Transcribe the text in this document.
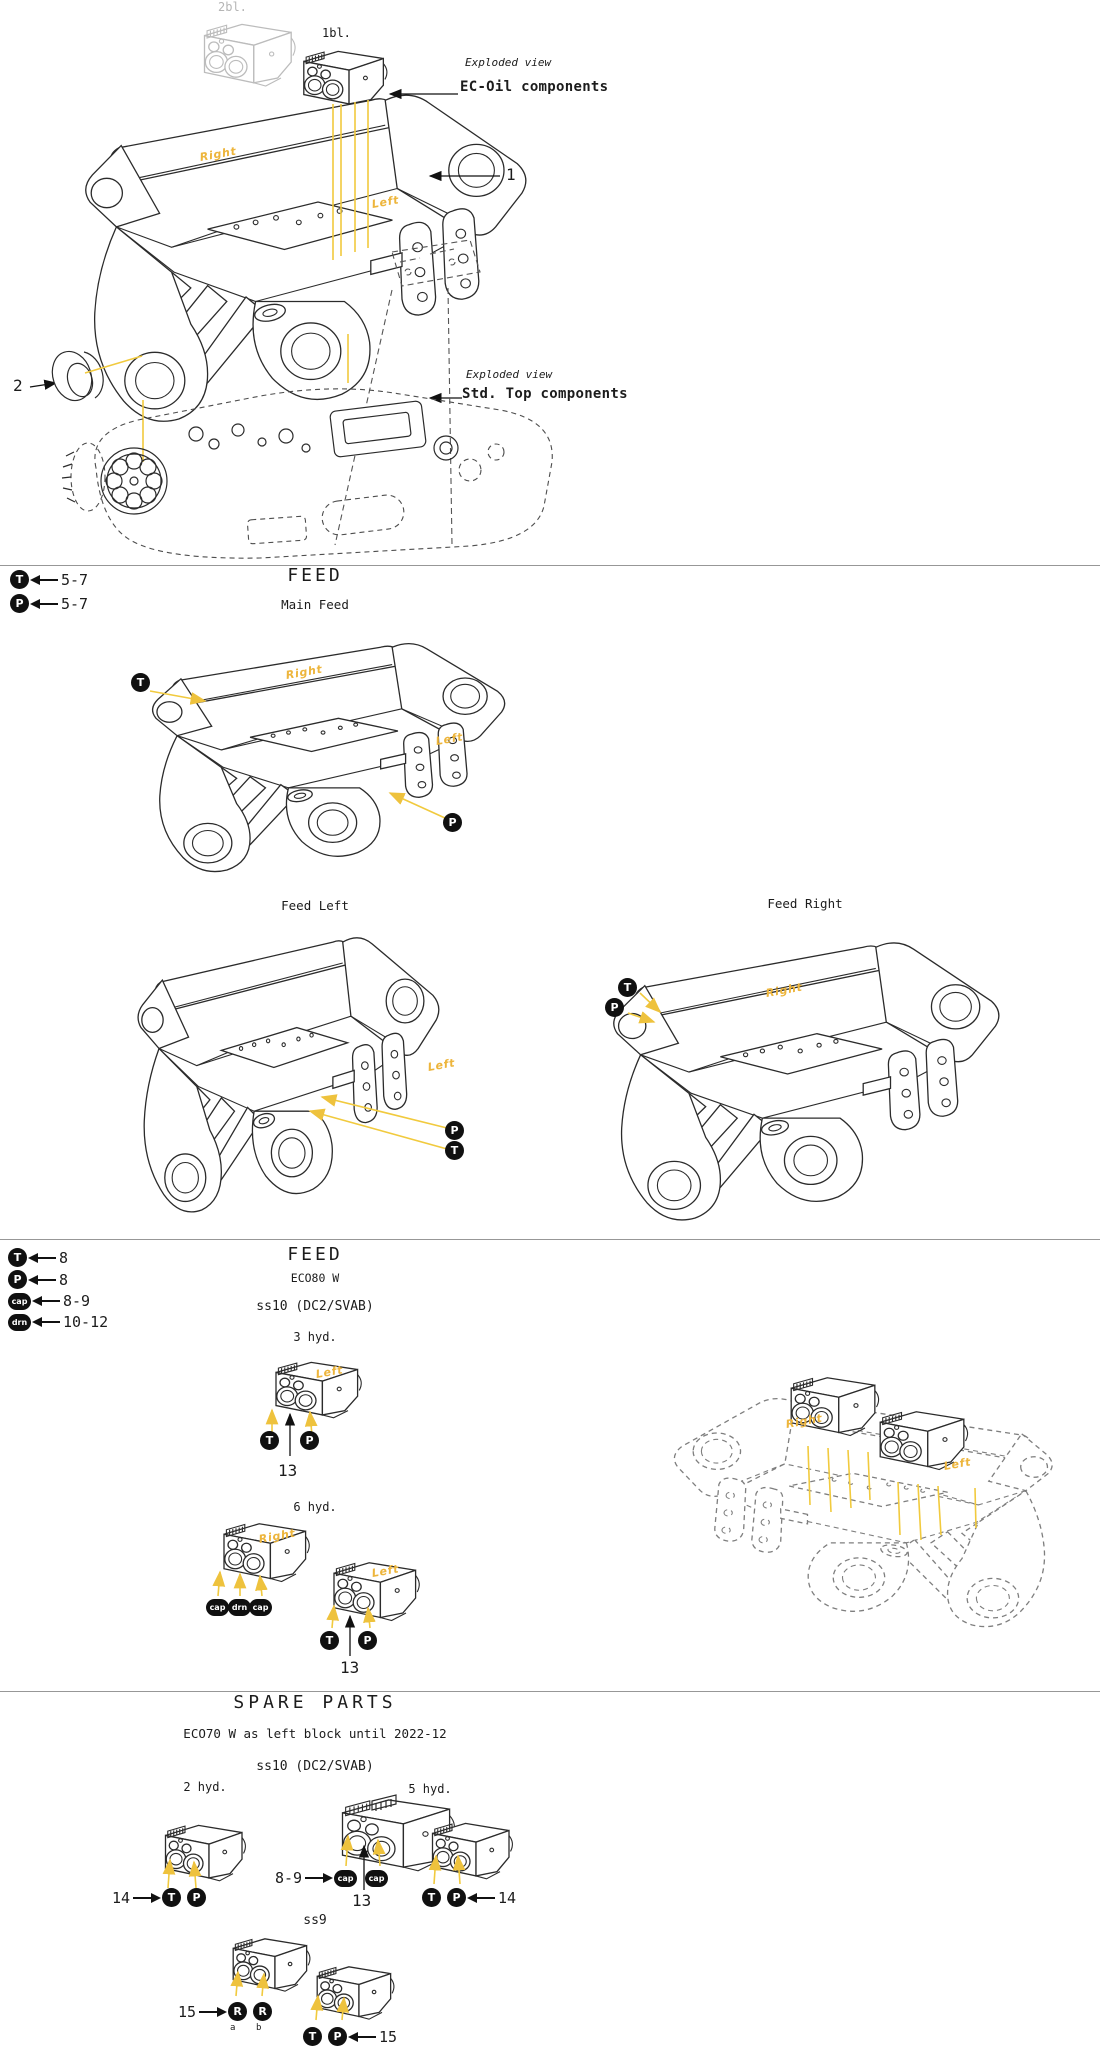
2bl.
1bl.
Exploded view
EC-Oil components
1
2
Exploded view
Std. Top components
Right
Left
T	5-7
P	5-7
FEED
Main Feed
T
P
Right
Left
Feed Left
Left
P
T
Feed Right
T
P
Right
T	8
P	8
cap 8-9
drn 10-12
FEED
ECO80 W
ss10 (DC2/SVAB)
3 hyd.
Left
T	P
13
6 hyd.
Right
cap drn cap
Left
T	P
13
Right
Left
SPARE PARTS
ECO70 W as left block until 2022-12
ss10 (DC2/SVAB)
2 hyd.	5 hyd.
14	T	P
8-9	cap	cap
13	T	P	14
ss9
15	R	R
a b
T	P	15
